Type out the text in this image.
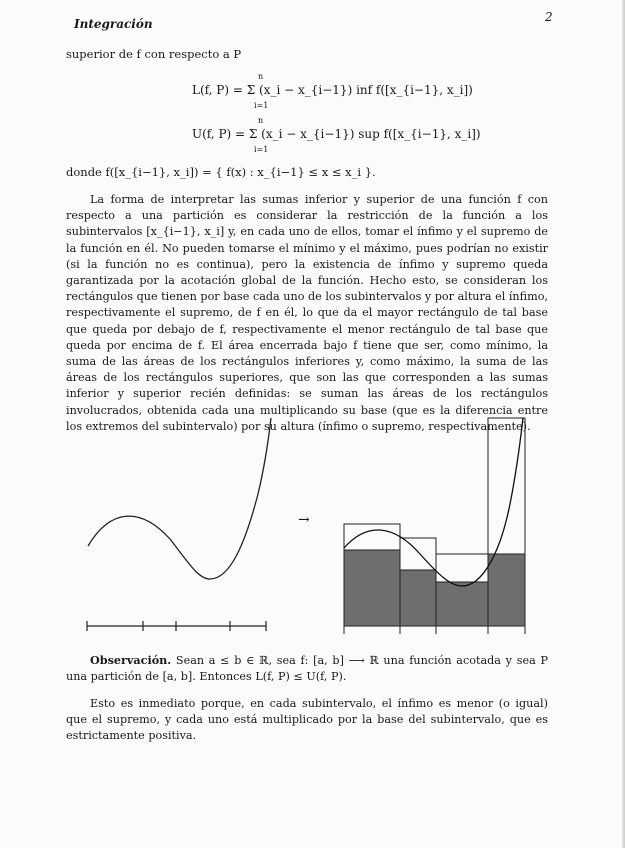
Integración	2
superior de f con respecto a P
L(f, P) = Σ (x_i − x_{i−1}) inf f([x_{i−1}, x_i])
n
i=1
U(f, P) = Σ (x_i − x_{i−1}) sup f([x_{i−1}, x_i])
n
i=1
donde f([x_{i−1}, x_i]) = { f(x) : x_{i−1} ≤ x ≤ x_i }.
La forma de interpretar las sumas inferior y superior de una función f con respecto a una partición es considerar la restricción de la función a los subintervalos [x_{i−1}, x_i] y, en cada uno de ellos, tomar el ínfimo y el supremo de la función en él. No pueden tomarse el mínimo y el máximo, pues podrían no existir (si la función no es continua), pero la existencia de ínfimo y supremo queda garantizada por la acotación global de la función. Hecho esto, se consideran los rectángulos que tienen por base cada uno de los subintervalos y por altura el ínfimo, respectivamente el supremo, de f en él, lo que da el mayor rectángulo de tal base que queda por debajo de f, respectivamente el menor rectángulo de tal base que queda por encima de f. El área encerrada bajo f tiene que ser, como mínimo, la suma de las áreas de los rectángulos inferiores y, como máximo, la suma de las áreas de los rectángulos superiores, que son las que corresponden a las sumas inferior y superior recién definidas: se suman las áreas de los rectángulos involucrados, obtenida cada una multiplicando su base (que es la diferencia entre los extremos del subintervalo) por su altura (ínfimo o supremo, respectivamente).
→
Observación. Sean a ≤ b ∈ ℝ, sea f: [a, b] ⟶ ℝ una función acotada y sea P una partición de [a, b]. Entonces L(f, P) ≤ U(f, P).
Esto es inmediato porque, en cada subintervalo, el ínfimo es menor (o igual) que el supremo, y cada uno está multiplicado por la base del subintervalo, que es estrictamente positiva.
